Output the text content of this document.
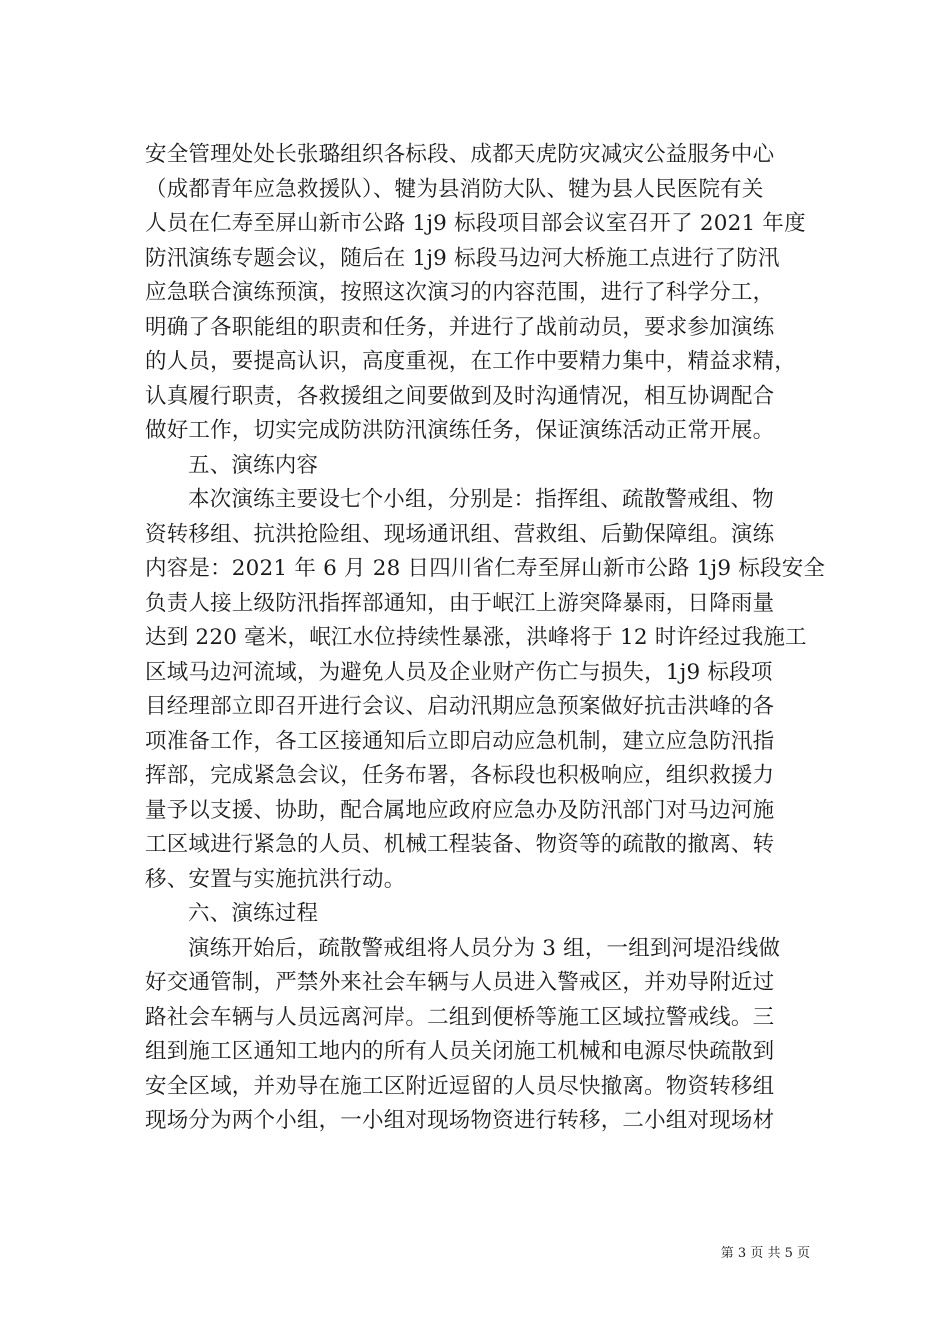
安全管理处处长张璐组织各标段、成都天虎防灾减灾公益服务中心
（成都青年应急救援队）、犍为县消防大队、犍为县人民医院有关
人员在仁寿至屏山新市公路 1j9 标段项目部会议室召开了 2021 年度
防汛演练专题会议，随后在 1j9 标段马边河大桥施工点进行了防汛
应急联合演练预演，按照这次演习的内容范围，进行了科学分工，
明确了各职能组的职责和任务，并进行了战前动员，要求参加演练
的人员，要提高认识，高度重视，在工作中要精力集中，精益求精，
认真履行职责，各救援组之间要做到及时沟通情况，相互协调配合
做好工作，切实完成防洪防汛演练任务，保证演练活动正常开展。
五、演练内容
本次演练主要设七个小组，分别是：指挥组、疏散警戒组、物
资转移组、抗洪抢险组、现场通讯组、营救组、后勤保障组。演练
内容是：2021 年 6 月 28 日四川省仁寿至屏山新市公路 1j9 标段安全
负责人接上级防汛指挥部通知，由于岷江上游突降暴雨，日降雨量
达到 220 毫米，岷江水位持续性暴涨，洪峰将于 12 时许经过我施工
区域马边河流域，为避免人员及企业财产伤亡与损失，1j9 标段项
目经理部立即召开进行会议、启动汛期应急预案做好抗击洪峰的各
项准备工作，各工区接通知后立即启动应急机制，建立应急防汛指
挥部，完成紧急会议，任务布署，各标段也积极响应，组织救援力
量予以支援、协助，配合属地应政府应急办及防汛部门对马边河施
工区域进行紧急的人员、机械工程装备、物资等的疏散的撤离、转
移、安置与实施抗洪行动。
六、演练过程
演练开始后，疏散警戒组将人员分为 3 组，一组到河堤沿线做
好交通管制，严禁外来社会车辆与人员进入警戒区，并劝导附近过
路社会车辆与人员远离河岸。二组到便桥等施工区域拉警戒线。三
组到施工区通知工地内的所有人员关闭施工机械和电源尽快疏散到
安全区域，并劝导在施工区附近逗留的人员尽快撤离。物资转移组
现场分为两个小组，一小组对现场物资进行转移，二小组对现场材
第 3 页 共 5 页
